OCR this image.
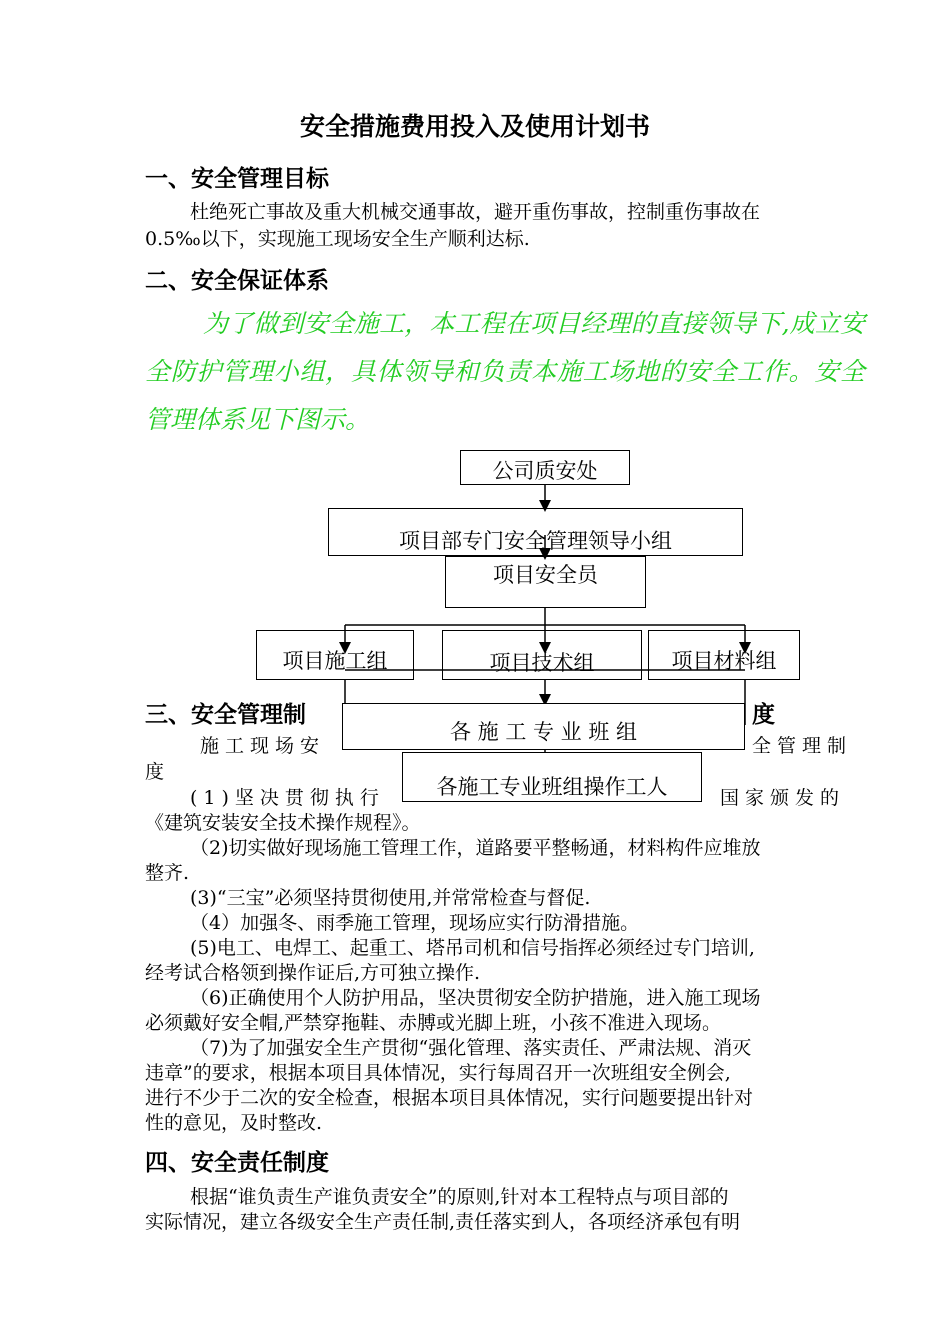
安全措施费用投入及使用计划书
一、安全管理目标
杜绝死亡事故及重大机械交通事故，避开重伤事故，控制重伤事故在
0.5‰以下，实现施工现场安全生产顺利达标.
二、安全保证体系
为了做到安全施工，本工程在项目经理的直接领导下,成立安全防护管理小组，具体领导和负责本施工场地的安全工作。安全管理体系见下图示。
公司质安处
项目部专门安全管理领导小组
项目安全员
项目施工组	项目技术组	项目材料组
各 施 工 专 业 班 组
各施工专业班组操作工人
三、安全管理制	度
施工现场安	全管理制
度
(1)坚决贯彻执行	国家颁发的
《建筑安装安全技术操作规程》。
（2)切实做好现场施工管理工作，道路要平整畅通，材料构件应堆放
整齐.
(3)“三宝”必须坚持贯彻使用,并常常检查与督促.
（4）加强冬、雨季施工管理，现场应实行防滑措施。
(5)电工、电焊工、起重工、塔吊司机和信号指挥必须经过专门培训,
经考试合格领到操作证后,方可独立操作.
（6)正确使用个人防护用品，坚决贯彻安全防护措施，进入施工现场
必须戴好安全帽,严禁穿拖鞋、赤膊或光脚上班，小孩不准进入现场。
（7)为了加强安全生产贯彻“强化管理、落实责任、严肃法规、消灭
违章”的要求，根据本项目具体情况，实行每周召开一次班组安全例会,
进行不少于二次的安全检查，根据本项目具体情况，实行问题要提出针对
性的意见，及时整改.
四、安全责任制度
根据“谁负责生产谁负责安全”的原则,针对本工程特点与项目部的
实际情况，建立各级安全生产责任制,责任落实到人，各项经济承包有明
